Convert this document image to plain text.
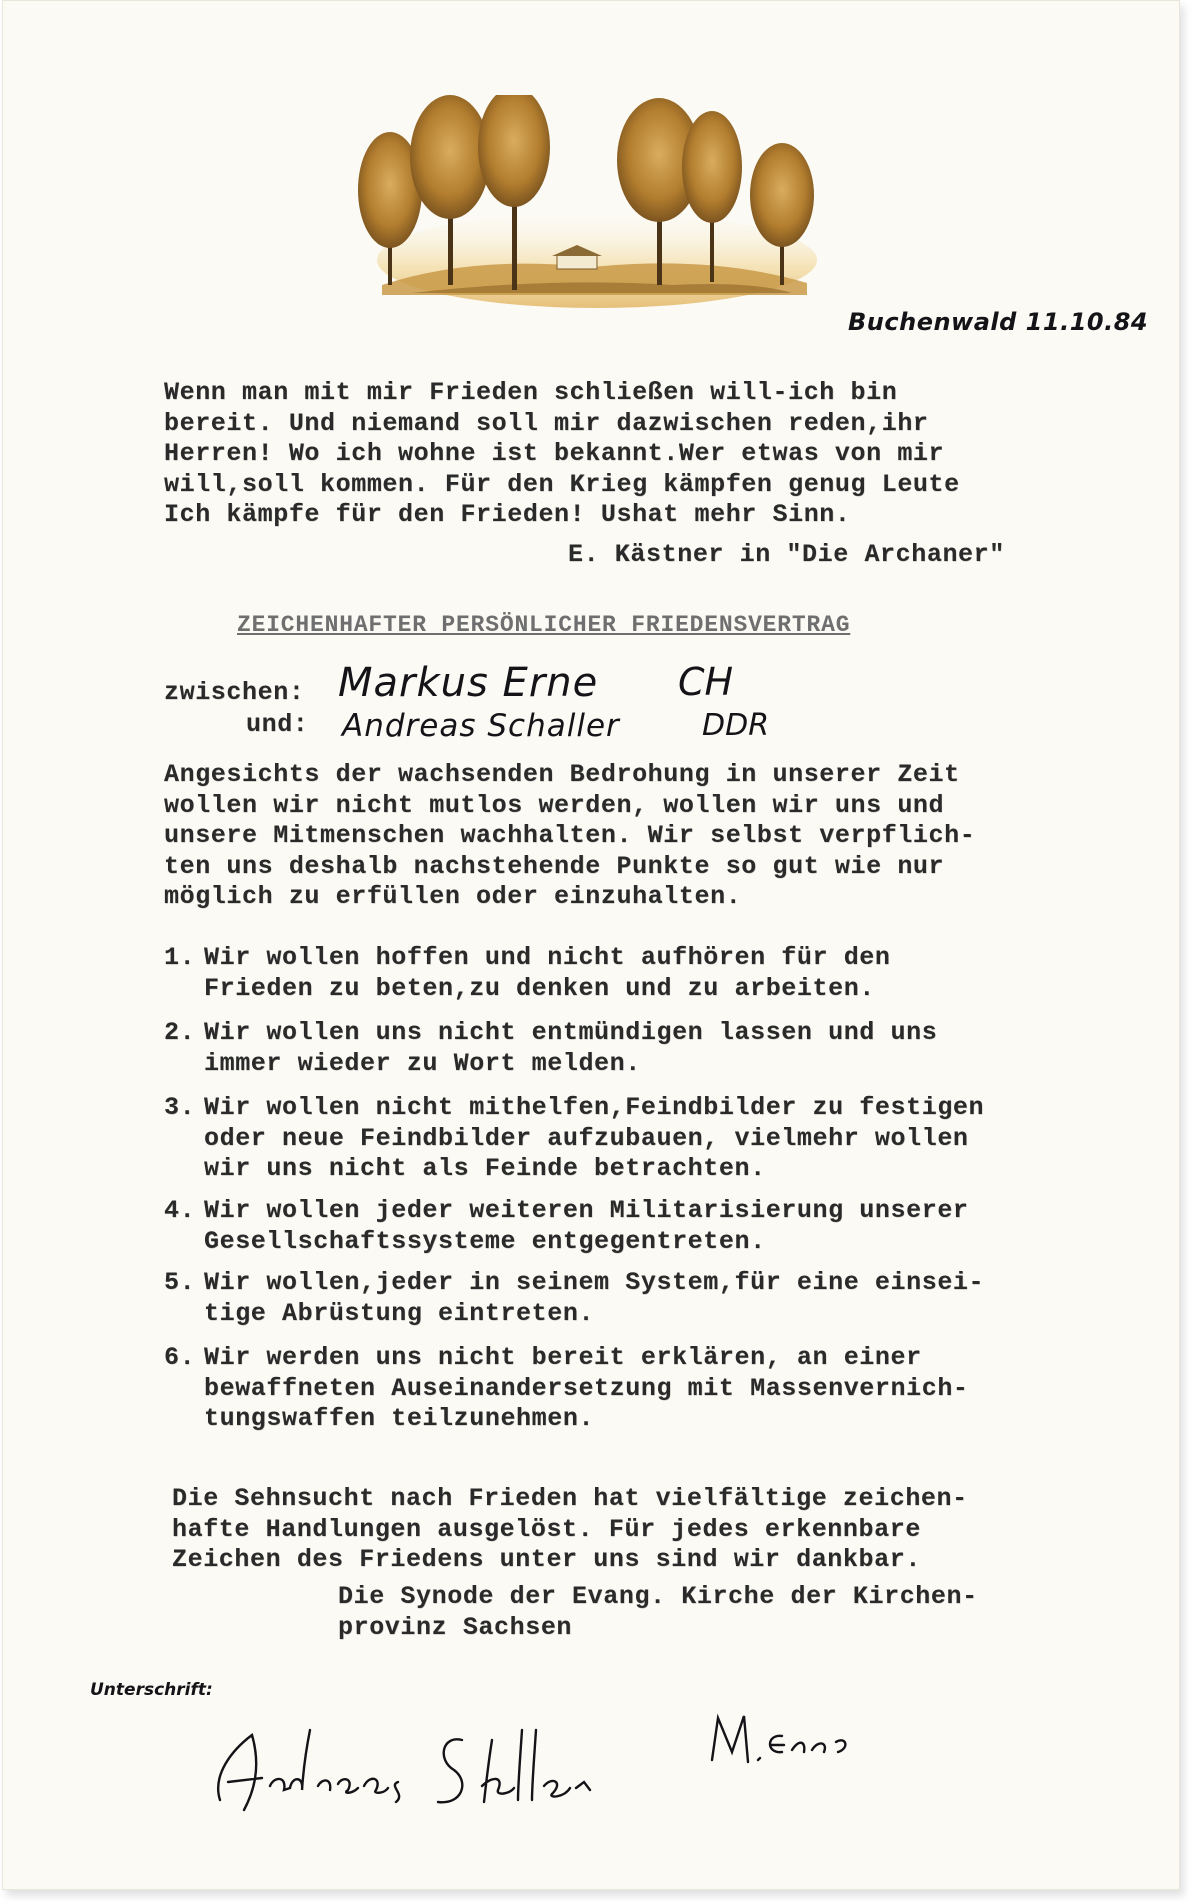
Buchenwald 11.10.84
Wenn man mit mir Frieden schließen will-ich bin
bereit. Und niemand soll mir dazwischen reden,ihr
Herren! Wo ich wohne ist bekannt.Wer etwas von mir
will,soll kommen. Für den Krieg kämpfen genug Leute
Ich kämpfe für den Frieden! Ushat mehr Sinn.
E. Kästner in "Die Archaner"
ZEICHENHAFTER PERSÖNLICHER FRIEDENSVERTRAG
zwischen:
und:
Markus Erne CH
Andreas Schaller	DDR
Angesichts der wachsenden Bedrohung in unserer Zeit
wollen wir nicht mutlos werden, wollen wir uns und
unsere Mitmenschen wachhalten. Wir selbst verpflich-
ten uns deshalb nachstehende Punkte so gut wie nur
möglich zu erfüllen oder einzuhalten.
1. Wir wollen hoffen und nicht aufhören für den
Frieden zu beten,zu denken und zu arbeiten.
2. Wir wollen uns nicht entmündigen lassen und uns
immer wieder zu Wort melden.
3. Wir wollen nicht mithelfen,Feindbilder zu festigen
oder neue Feindbilder aufzubauen, vielmehr wollen
wir uns nicht als Feinde betrachten.
4. Wir wollen jeder weiteren Militarisierung unserer
Gesellschaftssysteme entgegentreten.
5. Wir wollen,jeder in seinem System,für eine einsei-
tige Abrüstung eintreten.
6. Wir werden uns nicht bereit erklären, an einer
bewaffneten Auseinandersetzung mit Massenvernich-
tungswaffen teilzunehmen.
Die Sehnsucht nach Frieden hat vielfältige zeichen-
hafte Handlungen ausgelöst. Für jedes erkennbare
Zeichen des Friedens unter uns sind wir dankbar.
Die Synode der Evang. Kirche der Kirchen-
provinz Sachsen
Unterschrift:
